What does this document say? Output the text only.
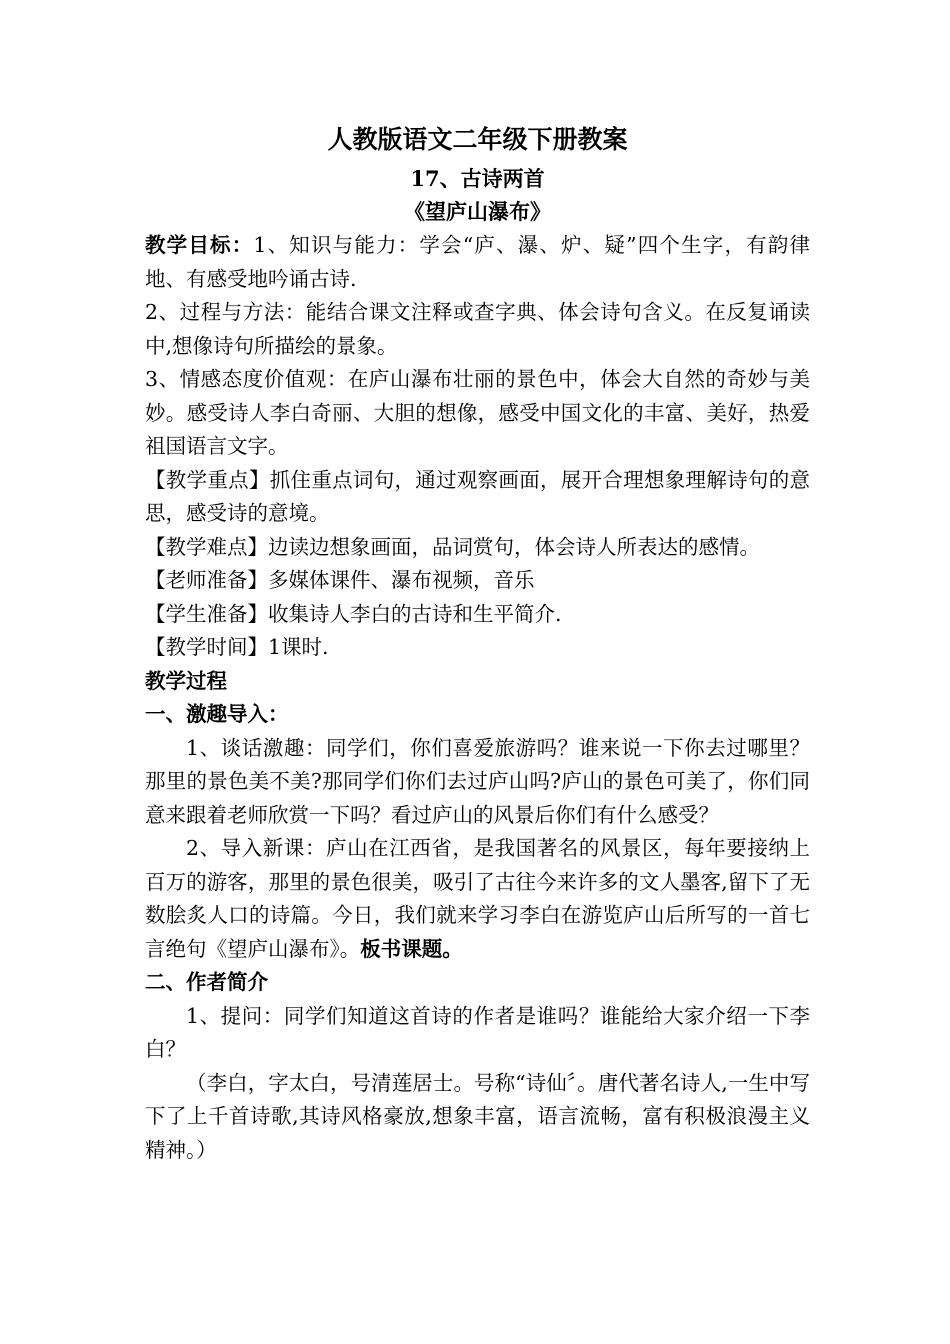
人教版语文二年级下册教案
17、古诗两首
《望庐山瀑布》

教学目标：1、知识与能力：学会“庐、瀑、炉、疑”四个生字，有韵律地、有感受地吟诵古诗.

2、过程与方法：能结合课文注释或查字典、体会诗句含义。在反复诵读中,想像诗句所描绘的景象。

3、情感态度价值观：在庐山瀑布壮丽的景色中，体会大自然的奇妙与美妙。感受诗人李白奇丽、大胆的想像，感受中国文化的丰富、美好，热爱祖国语言文字。

【教学重点】抓住重点词句，通过观察画面，展开合理想象理解诗句的意思，感受诗的意境。

【教学难点】边读边想象画面，品词赏句，体会诗人所表达的感情。

【老师准备】多媒体课件、瀑布视频，音乐

【学生准备】收集诗人李白的古诗和生平简介.

【教学时间】1课时.

教学过程
一、激趣导入：

1、谈话激趣：同学们，你们喜爱旅游吗？谁来说一下你去过哪里？那里的景色美不美?那同学们你们去过庐山吗?庐山的景色可美了，你们同意来跟着老师欣赏一下吗？看过庐山的风景后你们有什么感受？

2、导入新课：庐山在江西省，是我国著名的风景区，每年要接纳上百万的游客，那里的景色很美，吸引了古往今来许多的文人墨客,留下了无数脍炙人口的诗篇。今日，我们就来学习李白在游览庐山后所写的一首七言绝句《望庐山瀑布》。板书课题。

二、作者简介

1、提问：同学们知道这首诗的作者是谁吗？谁能给大家介绍一下李白？

（李白，字太白，号清莲居士。号称“诗仙〞。唐代著名诗人,一生中写下了上千首诗歌,其诗风格豪放,想象丰富，语言流畅，富有积极浪漫主义精神。）
